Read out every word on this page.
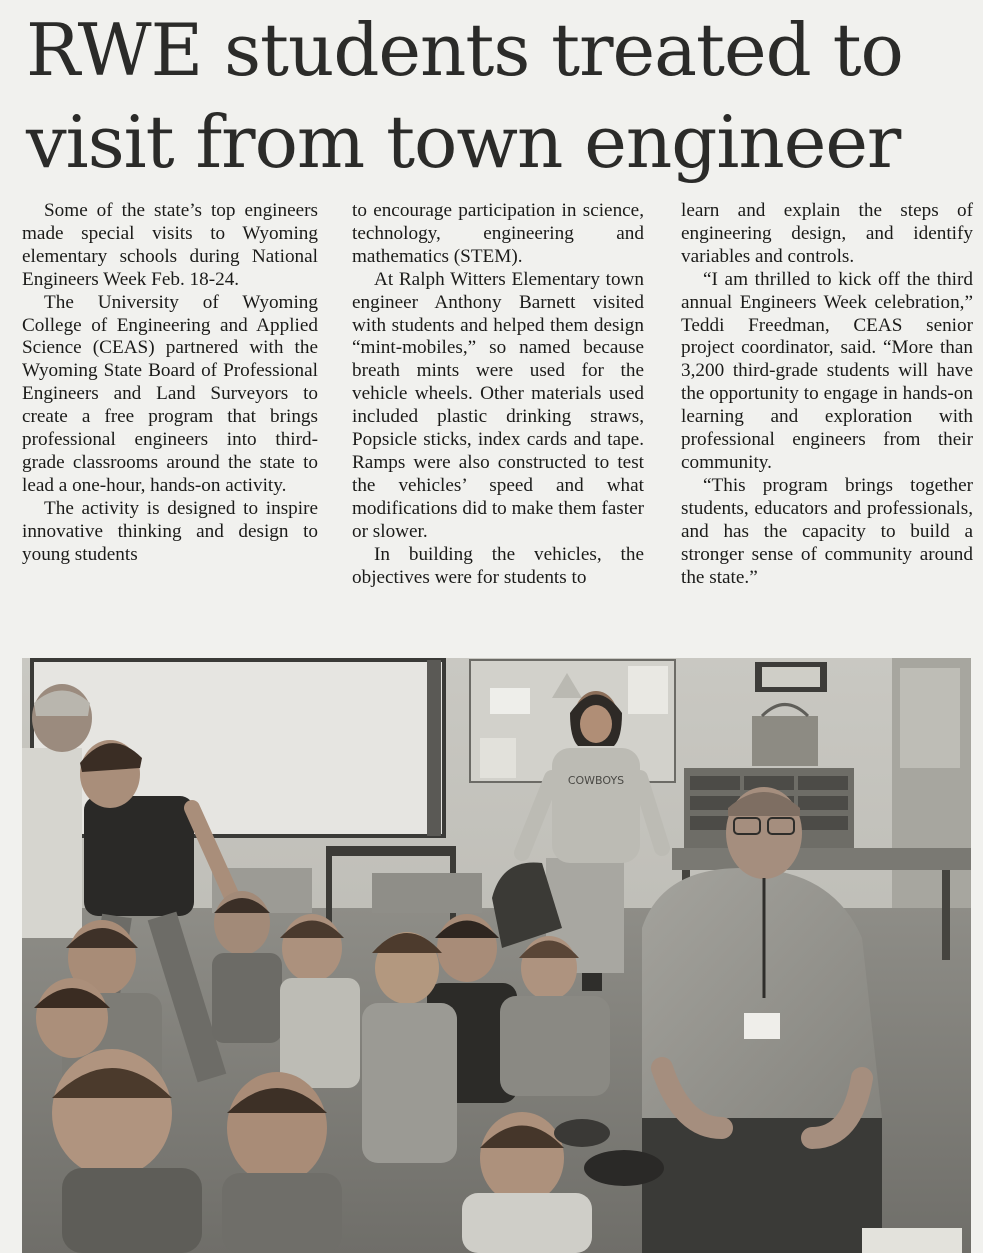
RWE students treated to
visit from town engineer

Some of the state’s top engineers made special visits to Wyoming elementary schools during National Engineers Week Feb. 18-24.

The University of Wyoming College of Engineering and Applied Science (CEAS) partnered with the Wyoming State Board of Professional Engineers and Land Surveyors to create a free program that brings professional engineers into third-grade classrooms around the state to lead a one-hour, hands-on activity.

The activity is designed to inspire innovative thinking and design to young students

to encourage participation in science, technology, engineering and mathematics (STEM).

At Ralph Witters Elementary town engineer Anthony Barnett visited with students and helped them design “mint-mobiles,” so named because breath mints were used for the vehicle wheels. Other materials used included plastic drinking straws, Popsicle sticks, index cards and tape. Ramps were also constructed to test the vehicles’ speed and what modifications did to make them faster or slower.

In building the vehicles, the objectives were for students to

learn and explain the steps of engineering design, and identify variables and controls.

“I am thrilled to kick off the third annual Engineers Week celebration,” Teddi Freedman, CEAS senior project coordinator, said. “More than 3,200 third-grade students will have the opportunity to engage in hands-on learning and exploration with professional engineers from their community.

“This program brings together students, educators and professionals, and has the capacity to build a stronger sense of community around the state.”

COWBOYS
